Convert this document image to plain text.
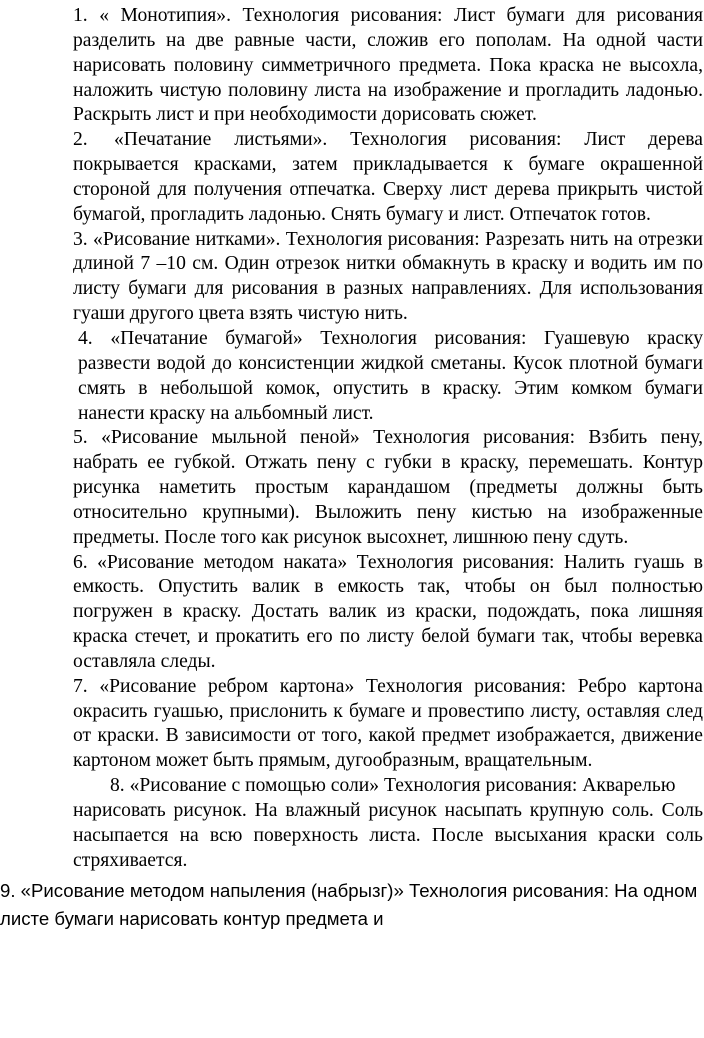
1. « Монотипия». Технология рисования: Лист бумаги для рисования разделить на две равные части, сложив его пополам. На одной части нарисовать половину симметричного предмета. Пока краска не высохла, наложить чистую половину листа на изображение и прогладить ладонью. Раскрыть лист и при необходимости дорисовать сюжет.

2. «Печатание листьями». Технология рисования: Лист дерева покрывается красками, затем прикладывается к бумаге окрашенной стороной для получения отпечатка. Сверху лист дерева прикрыть чистой бумагой, прогладить ладонью. Снять бумагу и лист. Отпечаток готов.

3. «Рисование нитками». Технология рисования: Разрезать нить на отрезки длиной 7 –10 см. Один отрезок нитки обмакнуть в краску и водить им по листу бумаги для рисования в разных направлениях. Для использования гуаши другого цвета взять чистую нить.

4. «Печатание бумагой» Технология рисования: Гуашевую краску развести водой до консистенции жидкой сметаны. Кусок плотной бумаги смять в небольшой комок, опустить в краску. Этим комком бумаги нанести краску на альбомный лист.

5. «Рисование мыльной пеной» Технология рисования: Взбить пену, набрать ее губкой. Отжать пену с губки в краску, перемешать. Контур рисунка наметить простым карандашом (предметы должны быть относительно крупными). Выложить пену кистью на изображенные предметы. После того как рисунок высохнет, лишнюю пену сдуть.

6. «Рисование методом наката» Технология рисования: Налить гуашь в емкость. Опустить валик в емкость так, чтобы он был полностью погружен в краску. Достать валик из краски, подождать, пока лишняя краска стечет, и прокатить его по листу белой бумаги так, чтобы веревка оставляла следы.

7. «Рисование ребром картона» Технология рисования: Ребро картона окрасить гуашью, прислонить к бумаге и провестипо листу, оставляя след от краски. В зависимости от того, какой предмет изображается, движение картоном может быть прямым, дугообразным, вращательным.

8. «Рисование с помощью соли» Технология рисования: Акварелью

нарисовать рисунок. На влажный рисунок насыпать крупную соль. Соль насыпается на всю поверхность листа. После высыхания краски соль стряхивается.

9. «Рисование методом напыления (набрызг)» Технология рисования: На одном листе бумаги нарисовать контур предмета и
